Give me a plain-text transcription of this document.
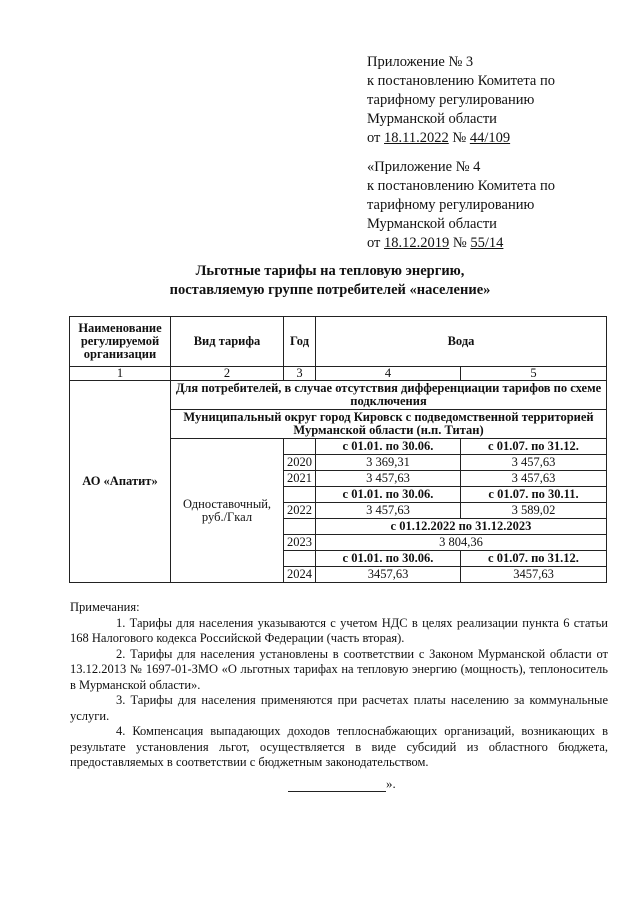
Приложение № 3
к постановлению Комитета по
тарифному регулированию
Мурманской области
от 18.11.2022 № 44/109
«Приложение № 4
к постановлению Комитета по
тарифному регулированию
Мурманской области
от 18.12.2019 № 55/14
Льготные тарифы на тепловую энергию,
поставляемую группе потребителей «население»
Наименование регулируемой организации	Вид тарифа	Год	Вода	
1	2	3	4	5
АО «Апатит»	Для потребителей, в случае отсутствия дифференциации тарифов по схеме подключения			
	Муниципальный округ город Кировск с подведомственной территорией Мурманской области (н.п. Титан)			
	Одноставочный, руб./Гкал		с 01.01. по 30.06.	с 01.07. по 31.12.
		2020	3 369,31	3 457,63
		2021	3 457,63	3 457,63
			с 01.01. по 30.06.	с 01.07. по 30.11.
		2022	3 457,63	3 589,02
			с 01.12.2022 по 31.12.2023	
		2023	3 804,36	
			с 01.01. по 30.06.	с 01.07. по 31.12.
		2024	3457,63	3457,63

Примечания:

1. Тарифы для населения указываются с учетом НДС в целях реализации пункта 6 статьи 168 Налогового кодекса Российской Федерации (часть вторая).

2. Тарифы для населения установлены в соответствии с Законом Мурманской области от 13.12.2013 № 1697-01-ЗМО «О льготных тарифах на тепловую энергию (мощность), теплоноситель в Мурманской области».

3. Тарифы для населения применяются при расчетах платы населению за коммунальные услуги.

4. Компенсация выпадающих доходов теплоснабжающих организаций, возникающих в результате установления льгот, осуществляется в виде субсидий из областного бюджета, предоставляемых в соответствии с бюджетным законодательством.

».
